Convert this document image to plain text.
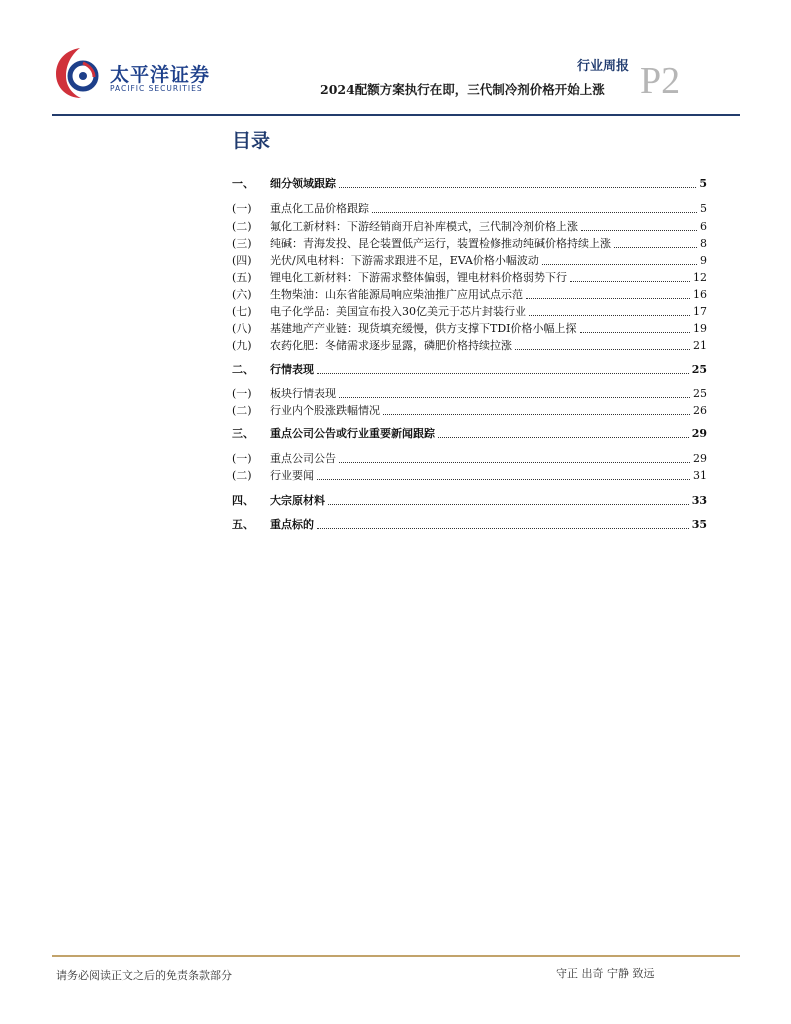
太平洋证券
PACIFIC SECURITIES
行业周报
2024配额方案执行在即，三代制冷剂价格开始上涨 P2
目录
一、	细分领域跟踪	5
(一)	重点化工品价格跟踪	5
(二)	氟化工新材料：下游经销商开启补库模式，三代制冷剂价格上涨	6
(三)	纯碱：青海发投、昆仑装置低产运行，装置检修推动纯碱价格持续上涨	8
(四)	光伏/风电材料：下游需求跟进不足，EVA价格小幅波动	9
(五)	锂电化工新材料：下游需求整体偏弱，锂电材料价格弱势下行	12
(六)	生物柴油：山东省能源局响应柴油推广应用试点示范	16
(七)	电子化学品：美国宣布投入30亿美元于芯片封装行业	17
(八)	基建地产产业链：现货填充缓慢，供方支撑下TDI价格小幅上探	19
(九)	农药化肥：冬储需求逐步显露，磷肥价格持续拉涨	21
二、	行情表现	25
(一)	板块行情表现	25
(二)	行业内个股涨跌幅情况	26
三、	重点公司公告或行业重要新闻跟踪	29
(一)	重点公司公告	29
(二)	行业要闻	31
四、	大宗原材料	33
五、	重点标的	35
请务必阅读正文之后的免责条款部分	守正 出奇 宁静 致远
